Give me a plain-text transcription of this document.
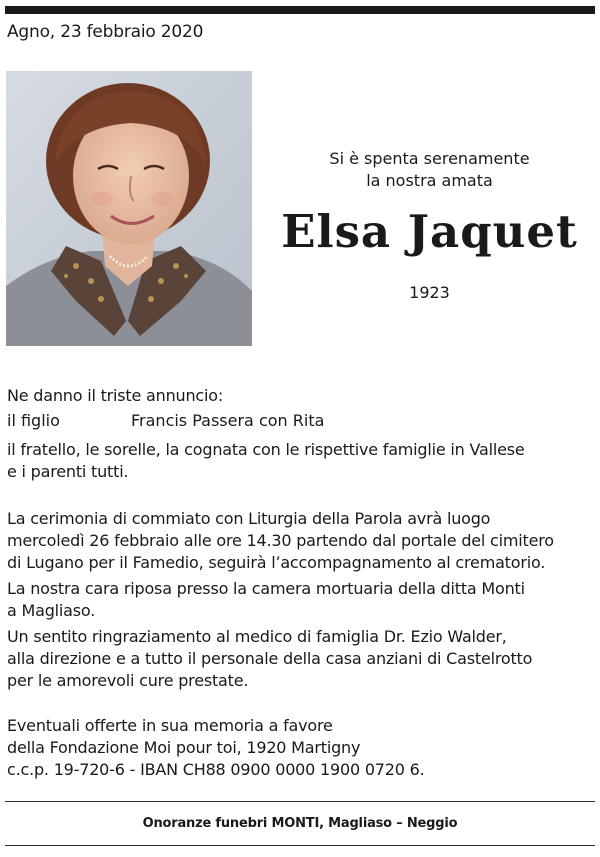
Agno, 23 febbraio 2020
Si è spenta serenamente
la nostra amata
Elsa Jaquet
1923
Ne danno il triste annuncio:
il figlio	Francis Passera con Rita
il fratello, le sorelle, la cognata con le rispettive famiglie in Vallese
e i parenti tutti.
La cerimonia di commiato con Liturgia della Parola avrà luogo
mercoledì 26 febbraio alle ore 14.30 partendo dal portale del cimitero
di Lugano per il Famedio, seguirà l’accompagnamento al crematorio.
La nostra cara riposa presso la camera mortuaria della ditta Monti
a Magliaso.
Un sentito ringraziamento al medico di famiglia Dr. Ezio Walder,
alla direzione e a tutto il personale della casa anziani di Castelrotto
per le amorevoli cure prestate.
Eventuali offerte in sua memoria a favore
della Fondazione Moi pour toi, 1920 Martigny
c.c.p. 19-720-6 - IBAN CH88 0900 0000 1900 0720 6.
Onoranze funebri MONTI, Magliaso – Neggio
